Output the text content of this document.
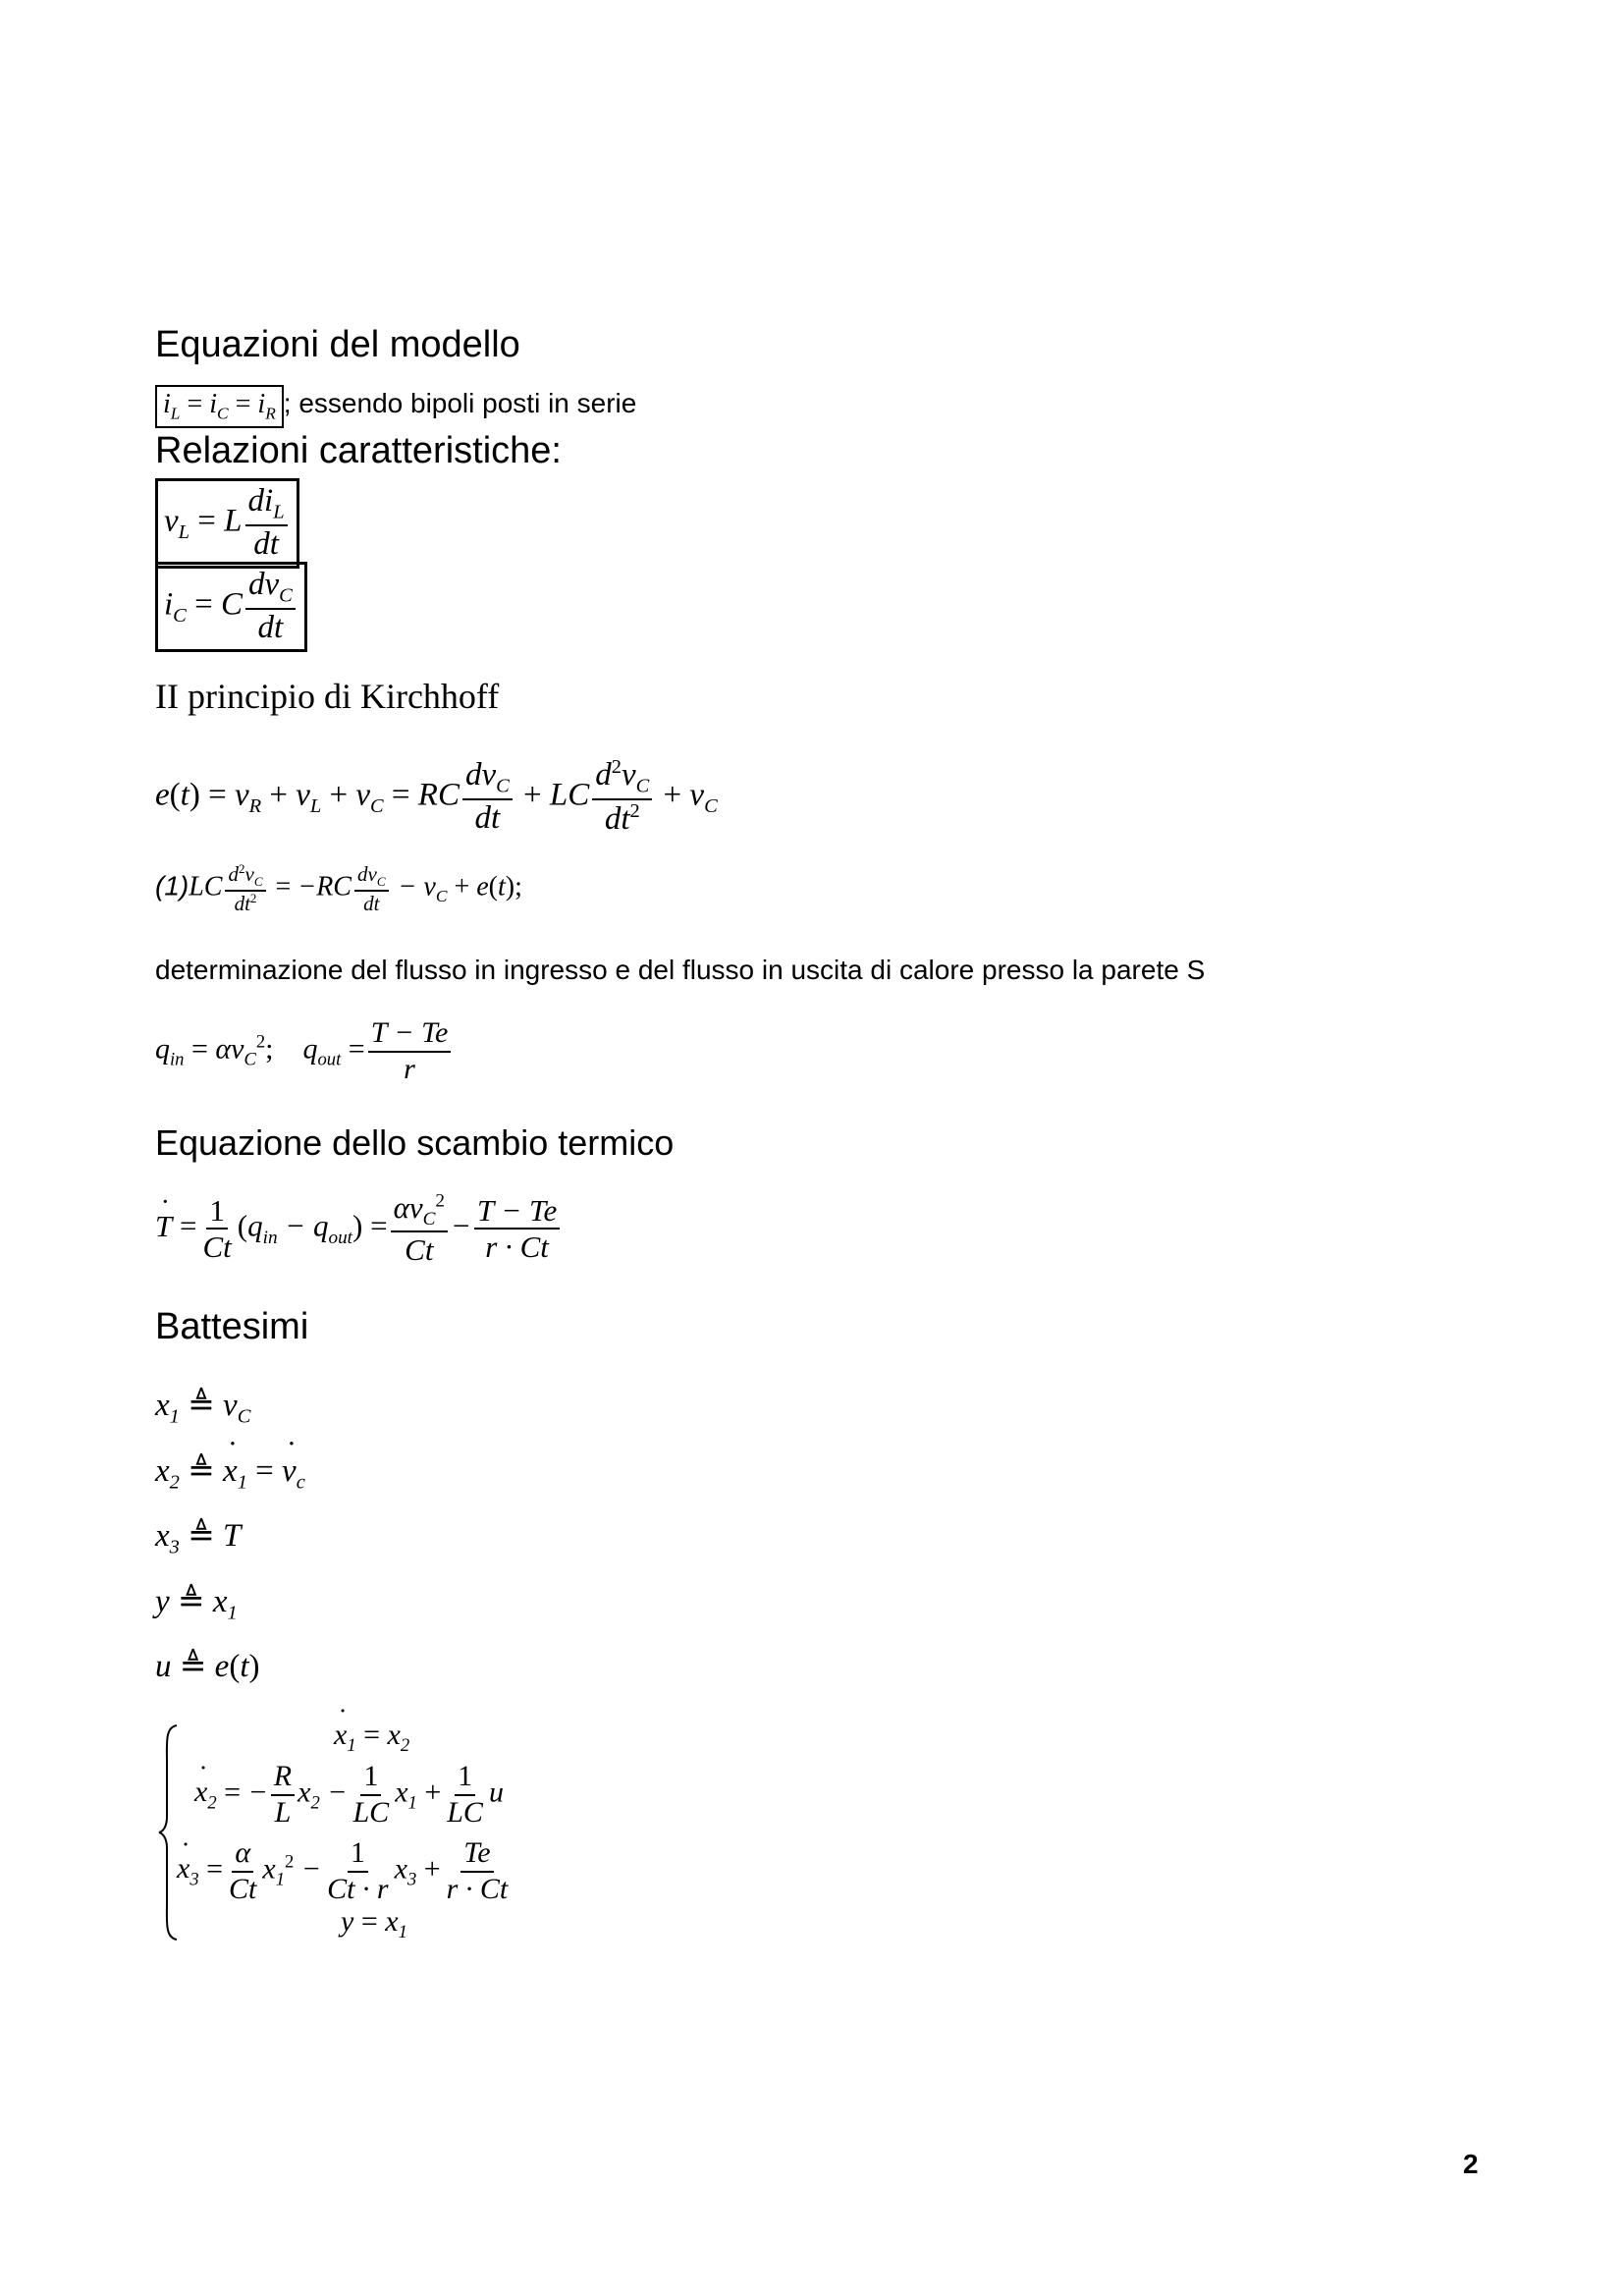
Equazioni del modello
$i_L = i_C = i_R$ ; essendo bipoli posti in serie
Relazioni caratteristiche:
$v_L = L \frac{di_L}{dt}$
$i_C = C \frac{dv_C}{dt}$
II principio di Kirchhoff
$e(t) = v_R + v_L + v_C$ = RC $\frac{dv_C}{dt}$ + LC $\frac{d^2v_C}{dt^2} + v_C$
$(1)LC \frac{d^2v_C}{dt^2} = -RC \frac{dv_C}{dt} - v_C + e(t)$;
determinazione del flusso in ingresso e del flusso in uscita di calore presso la parete S
$q_{in} = \alpha v_C^2$;    $q_{out} = \frac{T - Te}{r}$
Equazione dello scambio termico
˙ $T = \frac{1}{Ct} (q_{in} - q_{out}) = \frac{\alpha v_C^2}{Ct} - \frac{T - Te}{r \cdot Ct}$
Battesimi
$x_1$ ≜ $v_C$
$x_2$ ≜ ˙ $x_1$ = ˙ $v_c$
$x_3$ ≜ T
y ≜ $x_1$
u ≜ e(t)
˙ $x_1 = x_2$
˙ $x_2$ = − $\frac{R}{L} x_2 - \frac{1}{LC} x_1 + \frac{1}{LC}$ u
˙ $x_3 = \frac{\alpha}{Ct} x_1^2 - \frac{1}{Ct \cdot r} x_3 + \frac{Te}{r \cdot Ct}$
$y = x_1$
2
